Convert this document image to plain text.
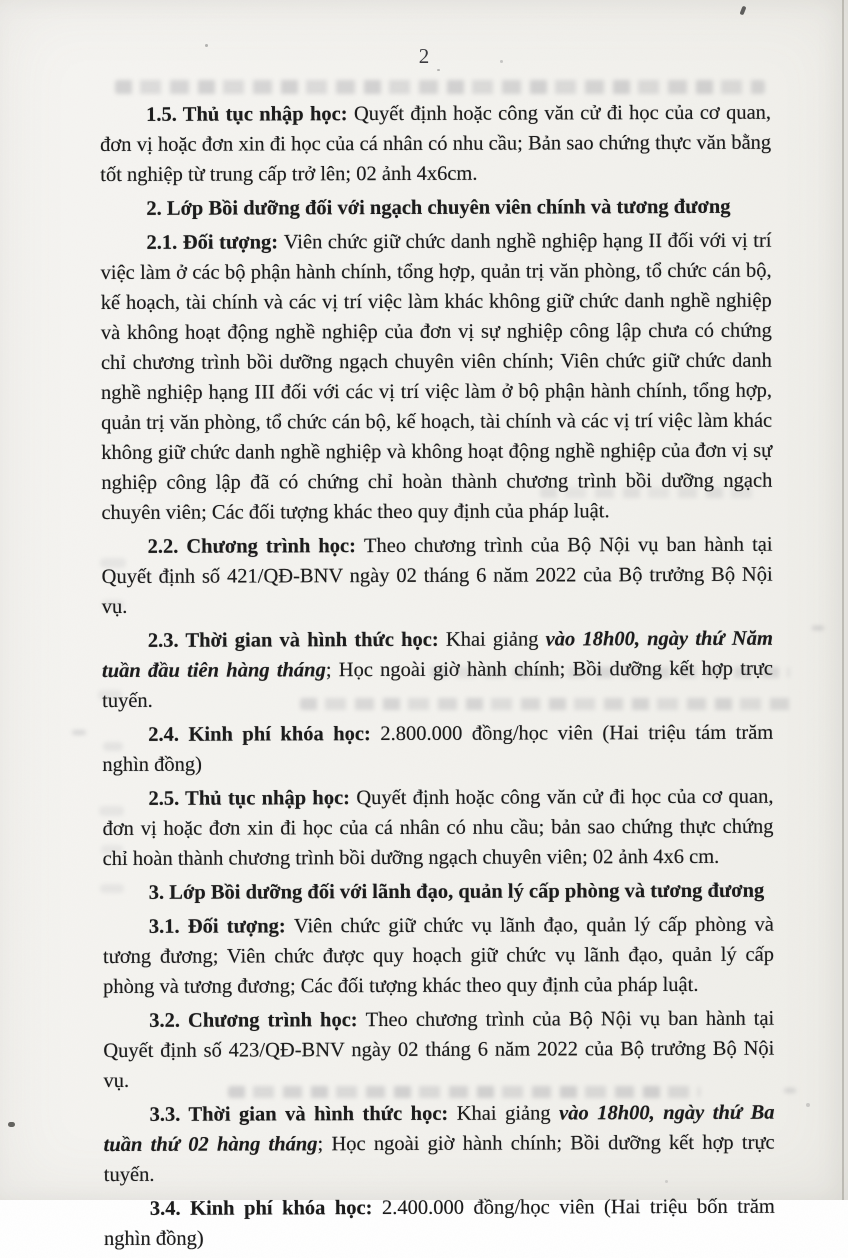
2

1.5. Thủ tục nhập học: Quyết định hoặc công văn cử đi học của cơ quan, đơn vị hoặc đơn xin đi học của cá nhân có nhu cầu; Bản sao chứng thực văn bằng tốt nghiệp từ trung cấp trở lên; 02 ảnh 4x6cm.

2. Lớp Bồi dưỡng đối với ngạch chuyên viên chính và tương đương

2.1. Đối tượng: Viên chức giữ chức danh nghề nghiệp hạng II đối với vị trí việc làm ở các bộ phận hành chính, tổng hợp, quản trị văn phòng, tổ chức cán bộ, kế hoạch, tài chính và các vị trí việc làm khác không giữ chức danh nghề nghiệp và không hoạt động nghề nghiệp của đơn vị sự nghiệp công lập chưa có chứng chỉ chương trình bồi dưỡng ngạch chuyên viên chính; Viên chức giữ chức danh nghề nghiệp hạng III đối với các vị trí việc làm ở bộ phận hành chính, tổng hợp, quản trị văn phòng, tổ chức cán bộ, kế hoạch, tài chính và các vị trí việc làm khác không giữ chức danh nghề nghiệp và không hoạt động nghề nghiệp của đơn vị sự nghiệp công lập đã có chứng chỉ hoàn thành chương trình bồi dưỡng ngạch chuyên viên; Các đối tượng khác theo quy định của pháp luật.

2.2. Chương trình học: Theo chương trình của Bộ Nội vụ ban hành tại Quyết định số 421/QĐ-BNV ngày 02 tháng 6 năm 2022 của Bộ trưởng Bộ Nội vụ.

2.3. Thời gian và hình thức học: Khai giảng vào 18h00, ngày thứ Năm tuần đầu tiên hàng tháng; Học ngoài giờ hành chính; Bồi dưỡng kết hợp trực tuyến.

2.4. Kinh phí khóa học: 2.800.000 đồng/học viên (Hai triệu tám trăm nghìn đồng)

2.5. Thủ tục nhập học: Quyết định hoặc công văn cử đi học của cơ quan, đơn vị hoặc đơn xin đi học của cá nhân có nhu cầu; bản sao chứng thực chứng chỉ hoàn thành chương trình bồi dưỡng ngạch chuyên viên; 02 ảnh 4x6 cm.

3. Lớp Bồi dưỡng đối với lãnh đạo, quản lý cấp phòng và tương đương

3.1. Đối tượng: Viên chức giữ chức vụ lãnh đạo, quản lý cấp phòng và tương đương; Viên chức được quy hoạch giữ chức vụ lãnh đạo, quản lý cấp phòng và tương đương; Các đối tượng khác theo quy định của pháp luật.

3.2. Chương trình học: Theo chương trình của Bộ Nội vụ ban hành tại Quyết định số 423/QĐ-BNV ngày 02 tháng 6 năm 2022 của Bộ trưởng Bộ Nội vụ.

3.3. Thời gian và hình thức học: Khai giảng vào 18h00, ngày thứ Ba tuần thứ 02 hàng tháng; Học ngoài giờ hành chính; Bồi dưỡng kết hợp trực tuyến.

3.4. Kinh phí khóa học: 2.400.000 đồng/học viên (Hai triệu bốn trăm nghìn đồng)
